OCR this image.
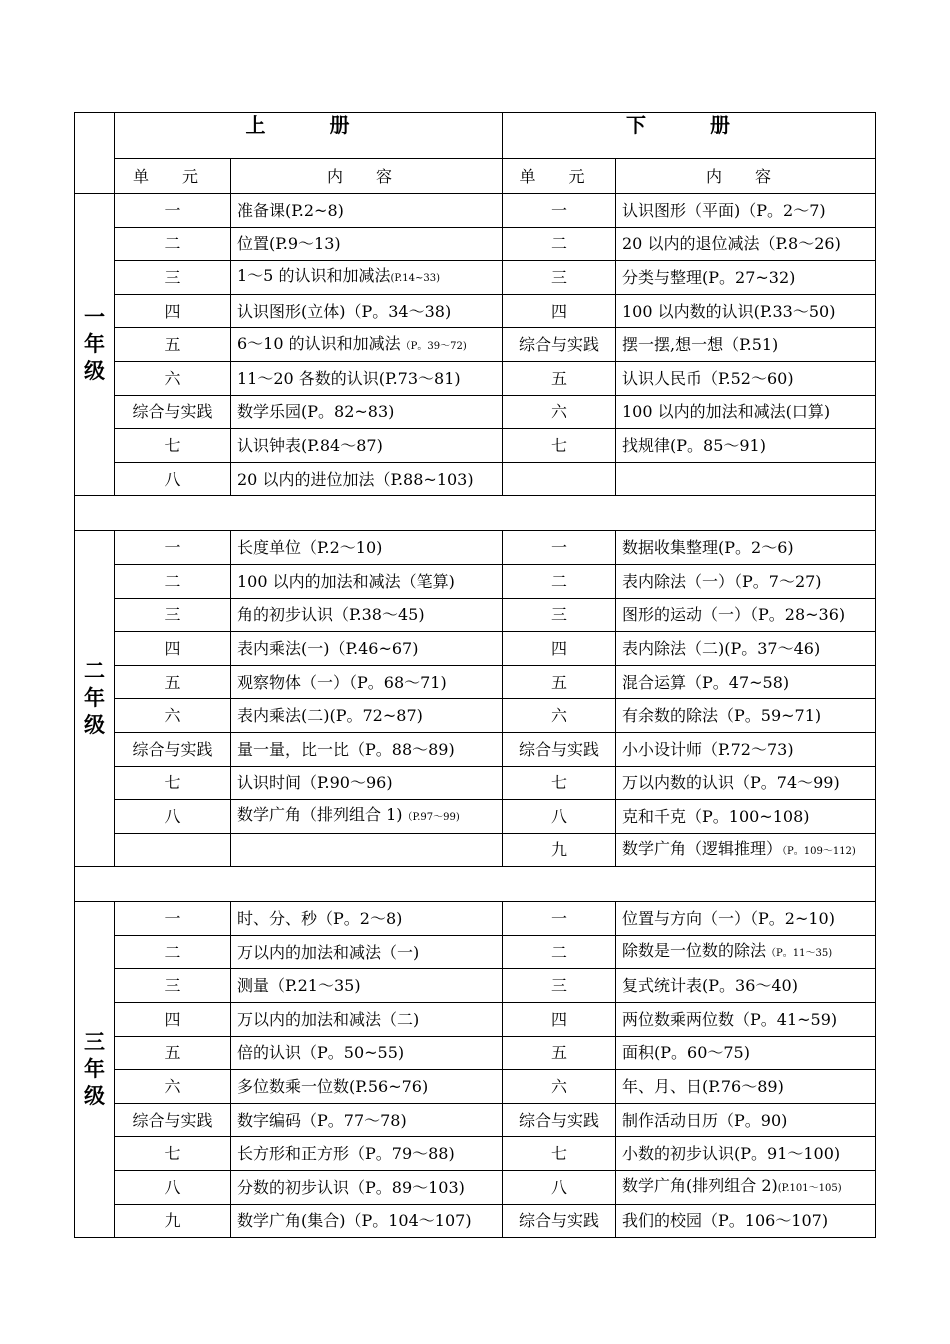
	上　册		下　册	
	单 元	内 容	单 元	内 容

一
年
级	一	准备课(P.2~8)	一	认识图形（平面)（P。2～7)
	二	位置(P.9～13)	二	20 以内的退位减法（P.8～26)
	三	1～5 的认识和加减法(P.14~33)	三	分类与整理(P。27~32)
	四	认识图形(立体)（P。34～38)	四	100 以内数的认识(P.33～50)
	五	6～10 的认识和加减法（P。39～72)	综合与实践	摆一摆,想一想（P.51)
	六	11～20 各数的认识(P.73～81)	五	认识人民币（P.52～60)
	综合与实践	数学乐园(P。82~83)	六	100 以内的加法和减法(口算)
	七	认识钟表(P.84～87)	七	找规律(P。85～91)
	八	20 以内的进位加法（P.88~103)		

二
年
级	一	长度单位（P.2～10)	一	数据收集整理(P。2～6)
	二	100 以内的加法和减法（笔算)	二	表内除法（一）（P。7～27)
	三	角的初步认识（P.38～45)	三	图形的运动（一）（P。28~36)
	四	表内乘法(一)（P.46~67)	四	表内除法（二)(P。37～46)
	五	观察物体（一）（P。68～71)	五	混合运算（P。47~58)
	六	表内乘法(二)(P。72~87)	六	有余数的除法（P。59~71)
	综合与实践	量一量，比一比（P。88～89)	综合与实践	小小设计师（P.72～73)
	七	认识时间（P.90～96)	七	万以内数的认识（P。74～99)
	八	数学广角（排列组合 1)（P.97～99)	八	克和千克（P。100~108)
			九	数学广角（逻辑推理）（P。109～112)

三
年
级	一	时、分、秒（P。2～8)	一	位置与方向（一）（P。2~10)
	二	万以内的加法和减法（一)	二	除数是一位数的除法（P。11～35)
	三	测量（P.21～35)	三	复式统计表(P。36～40)
	四	万以内的加法和减法（二)	四	两位数乘两位数（P。41~59)
	五	倍的认识（P。50~55)	五	面积(P。60～75)
	六	多位数乘一位数(P.56~76)	六	年、月、日(P.76～89)
	综合与实践	数字编码（P。77～78)	综合与实践	制作活动日历（P。90)
	七	长方形和正方形（P。79～88)	七	小数的初步认识(P。91～100)
	八	分数的初步认识（P。89～103)	八	数学广角(排列组合 2)(P.101～105)
	九	数学广角(集合)（P。104～107)	综合与实践	我们的校园（P。106～107)
